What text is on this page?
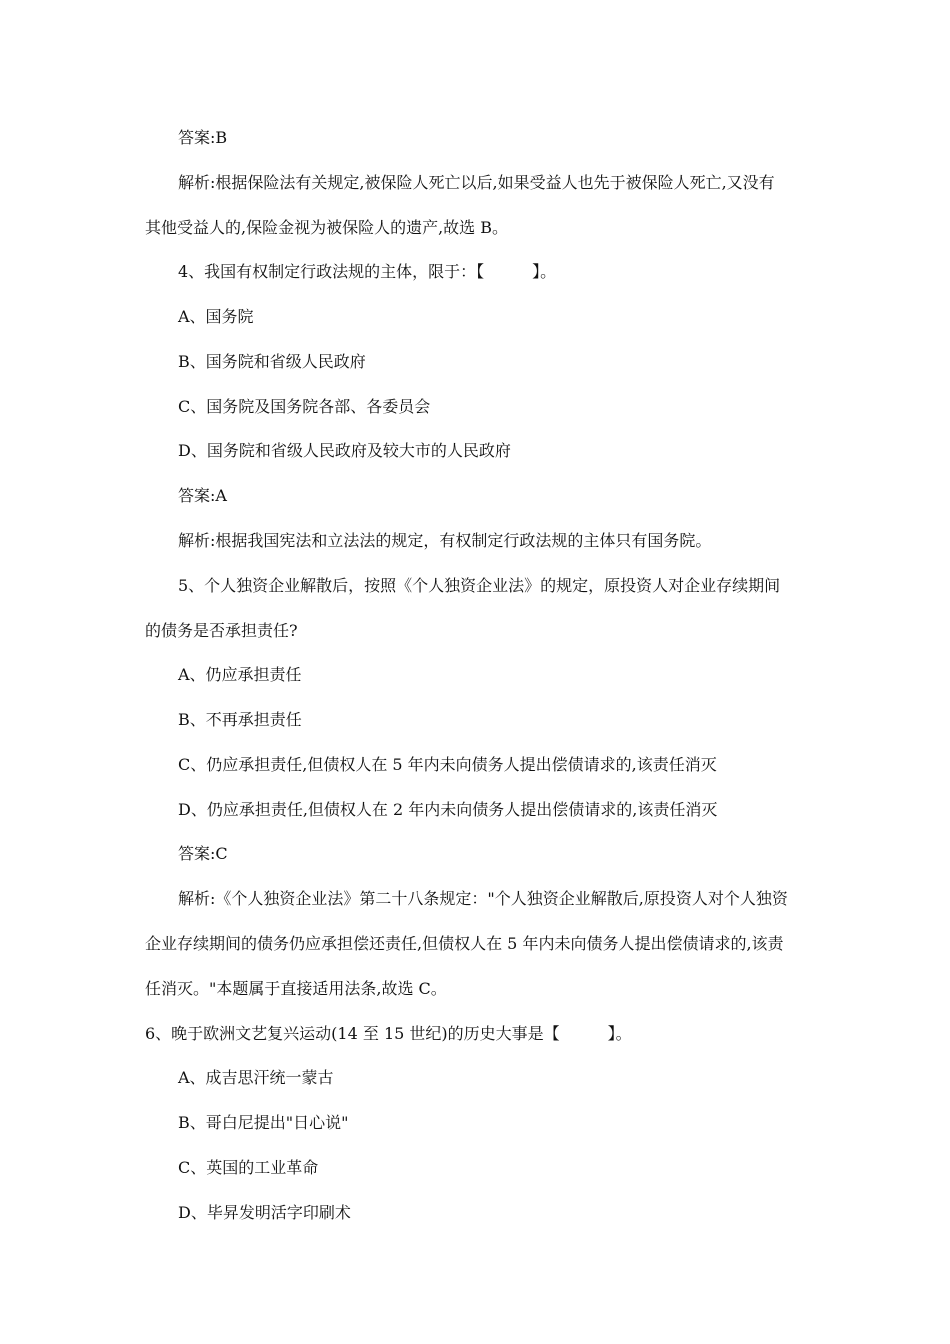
答案:B
解析:根据保险法有关规定,被保险人死亡以后,如果受益人也先于被保险人死亡,又没有
其他受益人的,保险金视为被保险人的遗产,故选 B。
4、我国有权制定行政法规的主体，限于：【　　　】。
A、国务院
B、国务院和省级人民政府
C、国务院及国务院各部、各委员会
D、国务院和省级人民政府及较大市的人民政府
答案:A
解析:根据我国宪法和立法法的规定，有权制定行政法规的主体只有国务院。
5、个人独资企业解散后，按照《个人独资企业法》的规定，原投资人对企业存续期间
的债务是否承担责任?
A、仍应承担责任
B、不再承担责任
C、仍应承担责任,但债权人在 5 年内未向债务人提出偿债请求的,该责任消灭
D、仍应承担责任,但债权人在 2 年内未向债务人提出偿债请求的,该责任消灭
答案:C
解析:《个人独资企业法》第二十八条规定："个人独资企业解散后,原投资人对个人独资
企业存续期间的债务仍应承担偿还责任,但债权人在 5 年内未向债务人提出偿债请求的,该责
任消灭。"本题属于直接适用法条,故选 C。
6、晚于欧洲文艺复兴运动(14 至 15 世纪)的历史大事是【　　　】。
A、成吉思汗统一蒙古
B、哥白尼提出"日心说"
C、英国的工业革命
D、毕昇发明活字印刷术
